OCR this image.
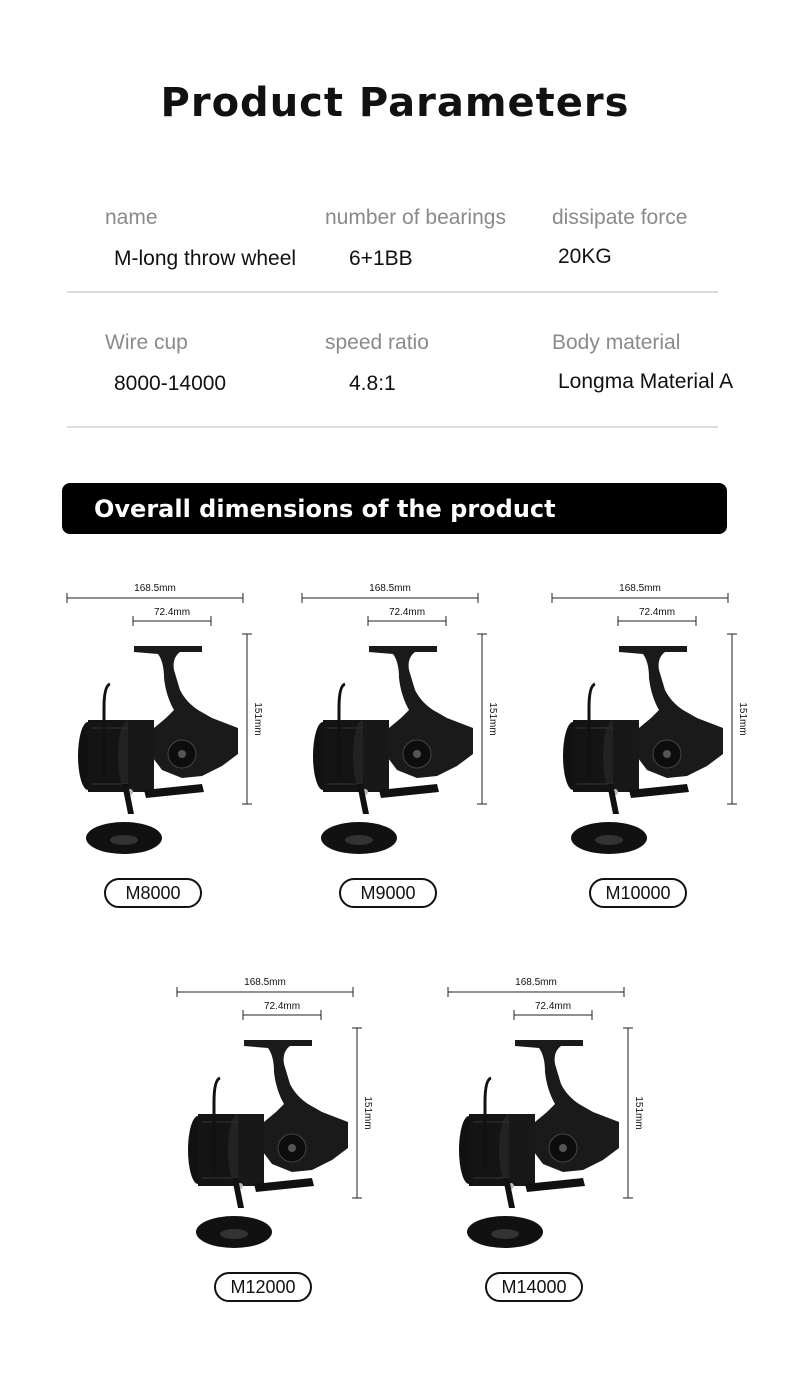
Product Parameters
name
M-long throw wheel
number of bearings
6+1BB
dissipate force
20KG
Wire cup
8000-14000
speed ratio
4.8:1
Body material
Longma Material A
Overall dimensions of the product
168.5mm
72.4mm
151mm
M8000
168.5mm
72.4mm
151mm
M9000
168.5mm
72.4mm
151mm
M10000
168.5mm
72.4mm
151mm
M12000
168.5mm
72.4mm
151mm
M14000
